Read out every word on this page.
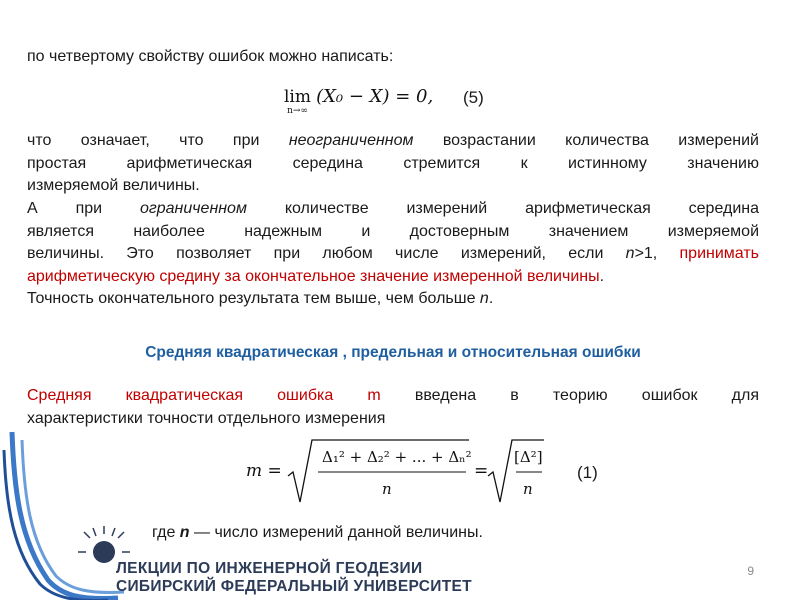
по четвертому свойству ошибок можно написать:
lim
n→∞
(X₀ − X) = 0, (5)
что означает, что при неограниченном возрастании количества измерений
простая арифметическая середина стремится к истинному значению
измеряемой величины.
А при ограниченном количестве измерений арифметическая середина
является наиболее надежным и достоверным значением измеряемой
величины. Это позволяет при любом числе измерений, если n>1, принимать
арифметическую средину за окончательное значение измеренной величины.
Точность окончательного результата тем выше, чем больше n.
Средняя квадратическая , предельная и относительная ошибки
Средняя квадратическая ошибка m введена в теорию ошибок для
характеристики точности отдельного измерения
m =
Δ₁² + Δ₂² + ... + Δₙ²
n
=
[Δ²]
n
(1)
где n — число измерений данной величины.
ЛЕКЦИИ ПО ИНЖЕНЕРНОЙ ГЕОДЕЗИИ
СИБИРСКИЙ ФЕДЕРАЛЬНЫЙ УНИВЕРСИТЕТ
9
